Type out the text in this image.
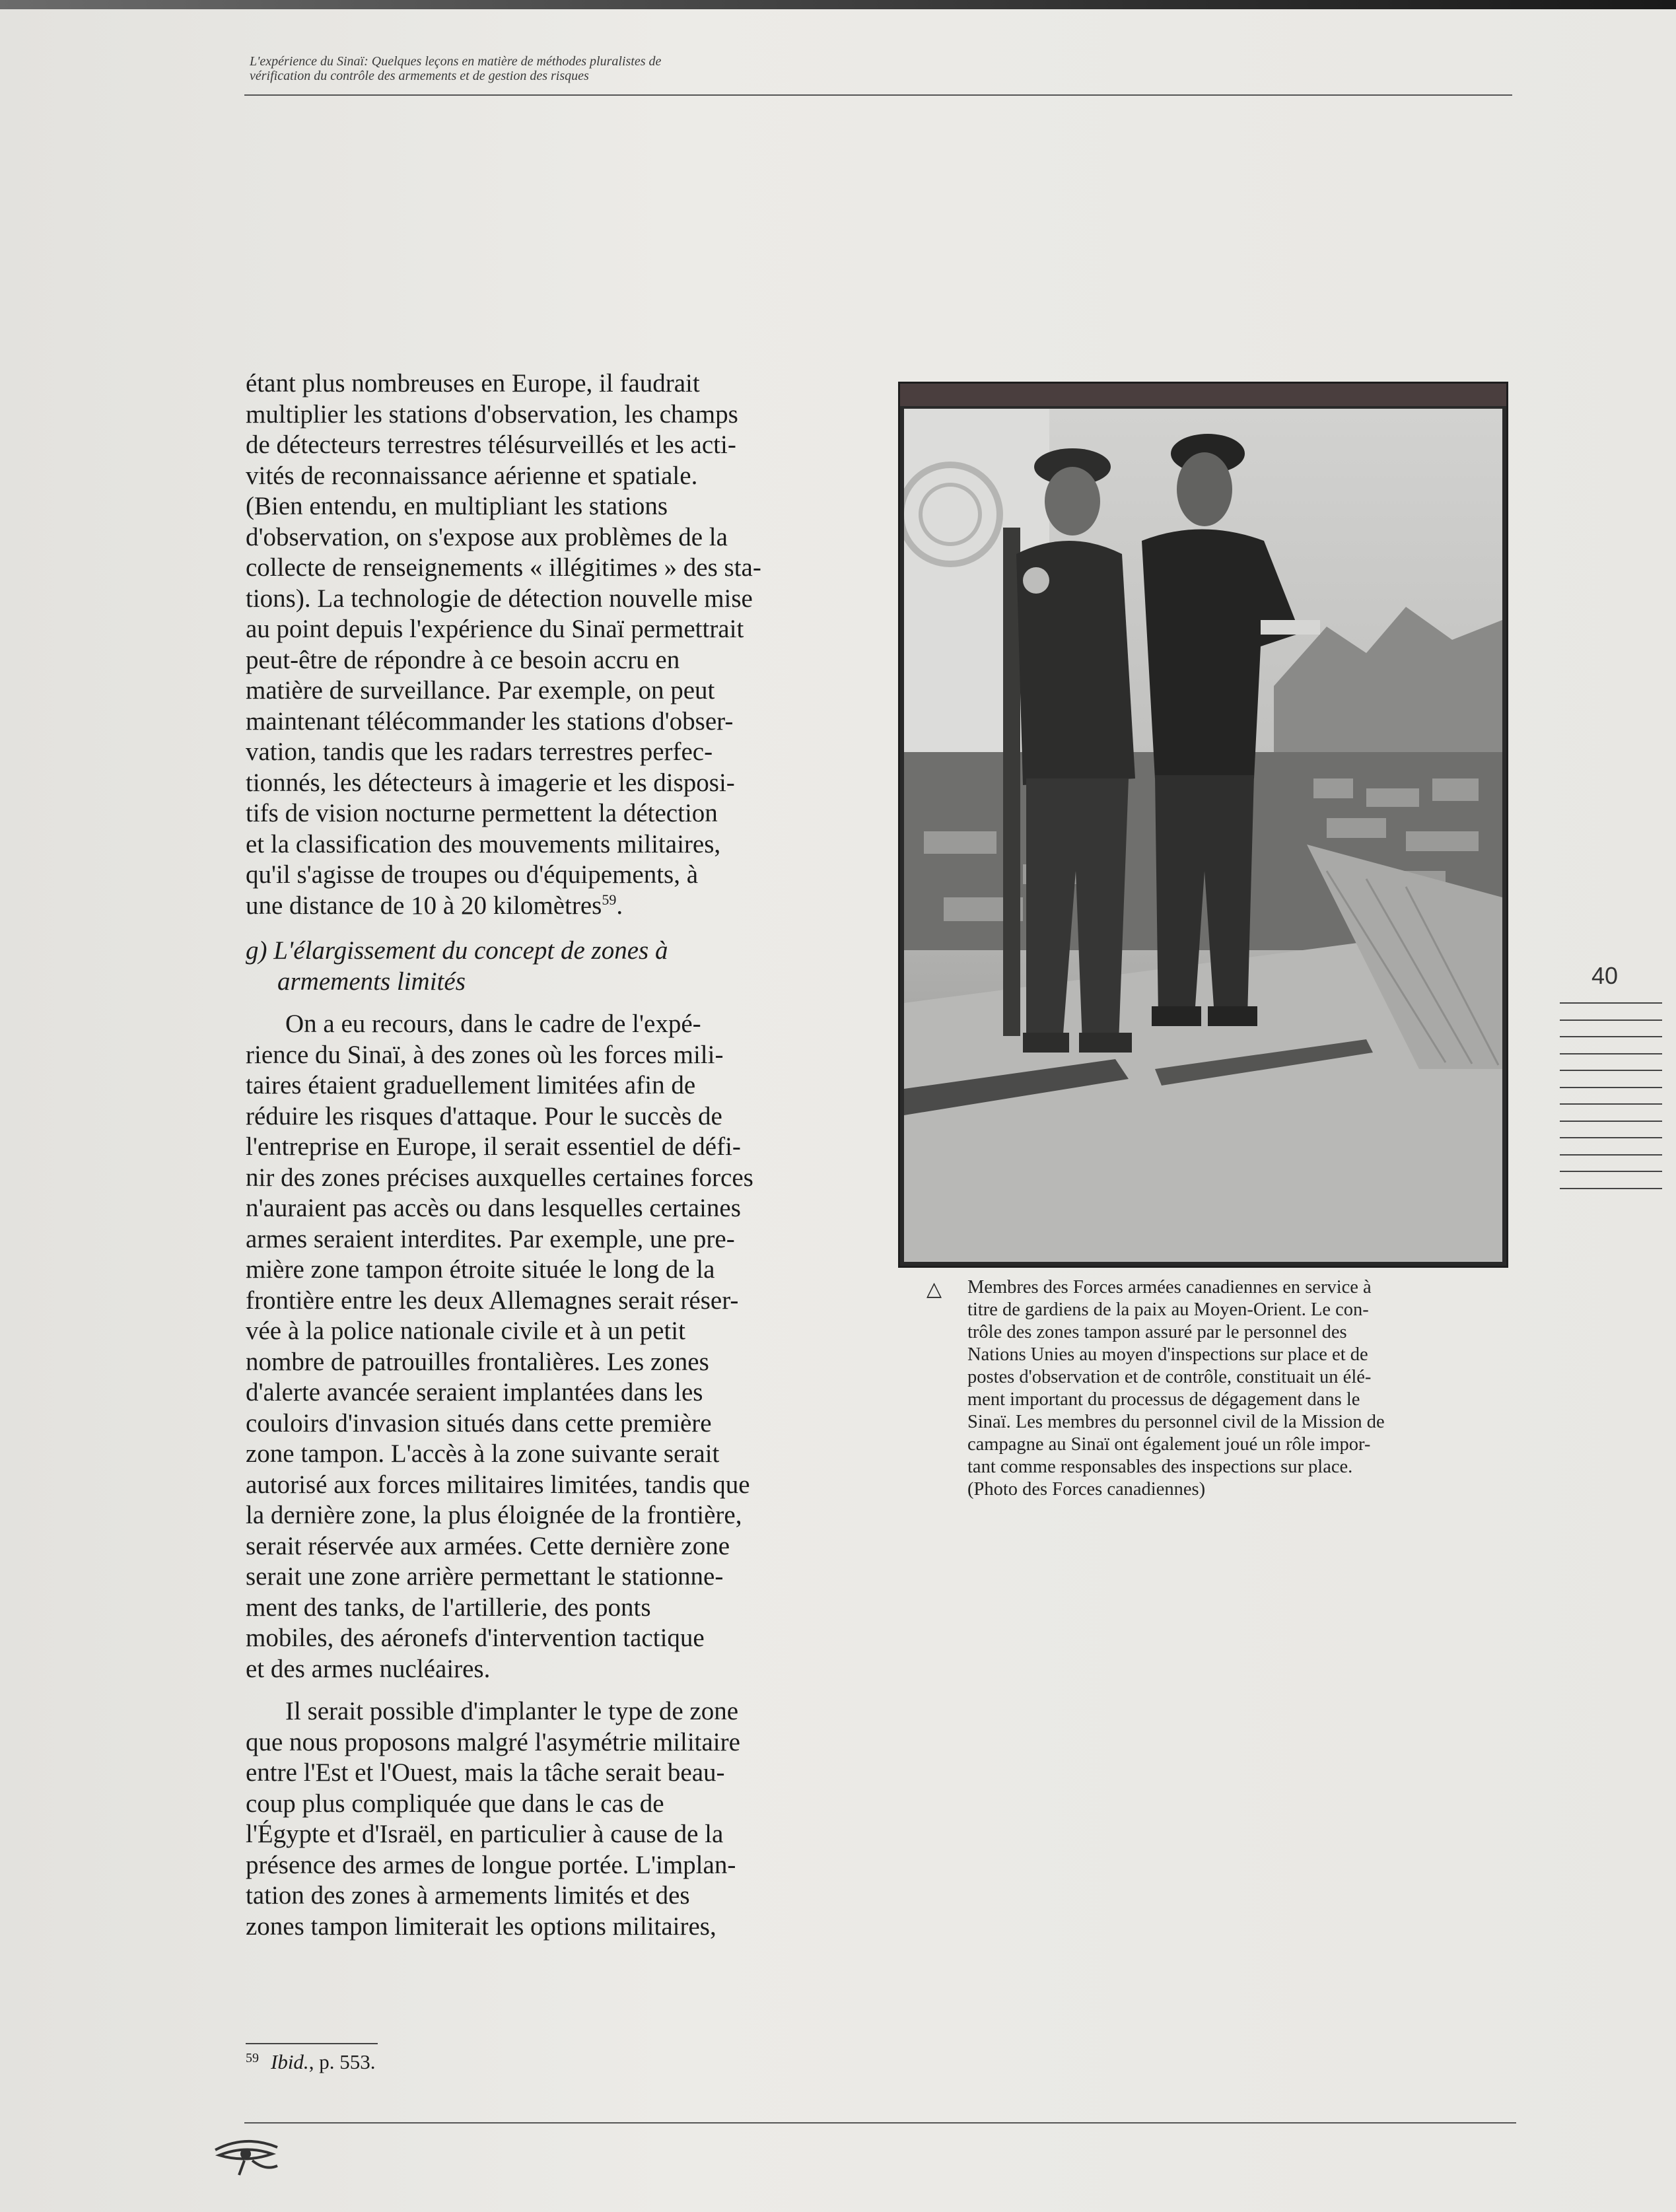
L'expérience du Sinaï: Quelques leçons en matière de méthodes pluralistes de
vérification du contrôle des armements et de gestion des risques

étant plus nombreuses en Europe, il faudrait
multiplier les stations d'observation, les champs
de détecteurs terrestres télésurveillés et les acti-
vités de reconnaissance aérienne et spatiale.
(Bien entendu, en multipliant les stations
d'observation, on s'expose aux problèmes de la
collecte de renseignements « illégitimes » des sta-
tions). La technologie de détection nouvelle mise
au point depuis l'expérience du Sinaï permettrait
peut-être de répondre à ce besoin accru en
matière de surveillance. Par exemple, on peut
maintenant télécommander les stations d'obser-
vation, tandis que les radars terrestres perfec-
tionnés, les détecteurs à imagerie et les disposi-
tifs de vision nocturne permettent la détection
et la classification des mouvements militaires,
qu'il s'agisse de troupes ou d'équipements, à
une distance de 10 à 20 kilomètres$^{59}$.

g) L'élargissement du concept de zones à
armements limités

On a eu recours, dans le cadre de l'expé-
rience du Sinaï, à des zones où les forces mili-
taires étaient graduellement limitées afin de
réduire les risques d'attaque. Pour le succès de
l'entreprise en Europe, il serait essentiel de défi-
nir des zones précises auxquelles certaines forces
n'auraient pas accès ou dans lesquelles certaines
armes seraient interdites. Par exemple, une pre-
mière zone tampon étroite située le long de la
frontière entre les deux Allemagnes serait réser-
vée à la police nationale civile et à un petit
nombre de patrouilles frontalières. Les zones
d'alerte avancée seraient implantées dans les
couloirs d'invasion situés dans cette première
zone tampon. L'accès à la zone suivante serait
autorisé aux forces militaires limitées, tandis que
la dernière zone, la plus éloignée de la frontière,
serait réservée aux armées. Cette dernière zone
serait une zone arrière permettant le stationne-
ment des tanks, de l'artillerie, des ponts
mobiles, des aéronefs d'intervention tactique
et des armes nucléaires.

Il serait possible d'implanter le type de zone
que nous proposons malgré l'asymétrie militaire
entre l'Est et l'Ouest, mais la tâche serait beau-
coup plus compliquée que dans le cas de
l'Égypte et d'Israël, en particulier à cause de la
présence des armes de longue portée. L'implan-
tation des zones à armements limités et des
zones tampon limiterait les options militaires,

△ Membres des Forces armées canadiennes en service à
titre de gardiens de la paix au Moyen-Orient. Le con-
trôle des zones tampon assuré par le personnel des
Nations Unies au moyen d'inspections sur place et de
postes d'observation et de contrôle, constituait un élé-
ment important du processus de dégagement dans le
Sinaï. Les membres du personnel civil de la Mission de
campagne au Sinaï ont également joué un rôle impor-
tant comme responsables des inspections sur place.
(Photo des Forces canadiennes)
40
$^{59}$ Ibid., p. 553.
